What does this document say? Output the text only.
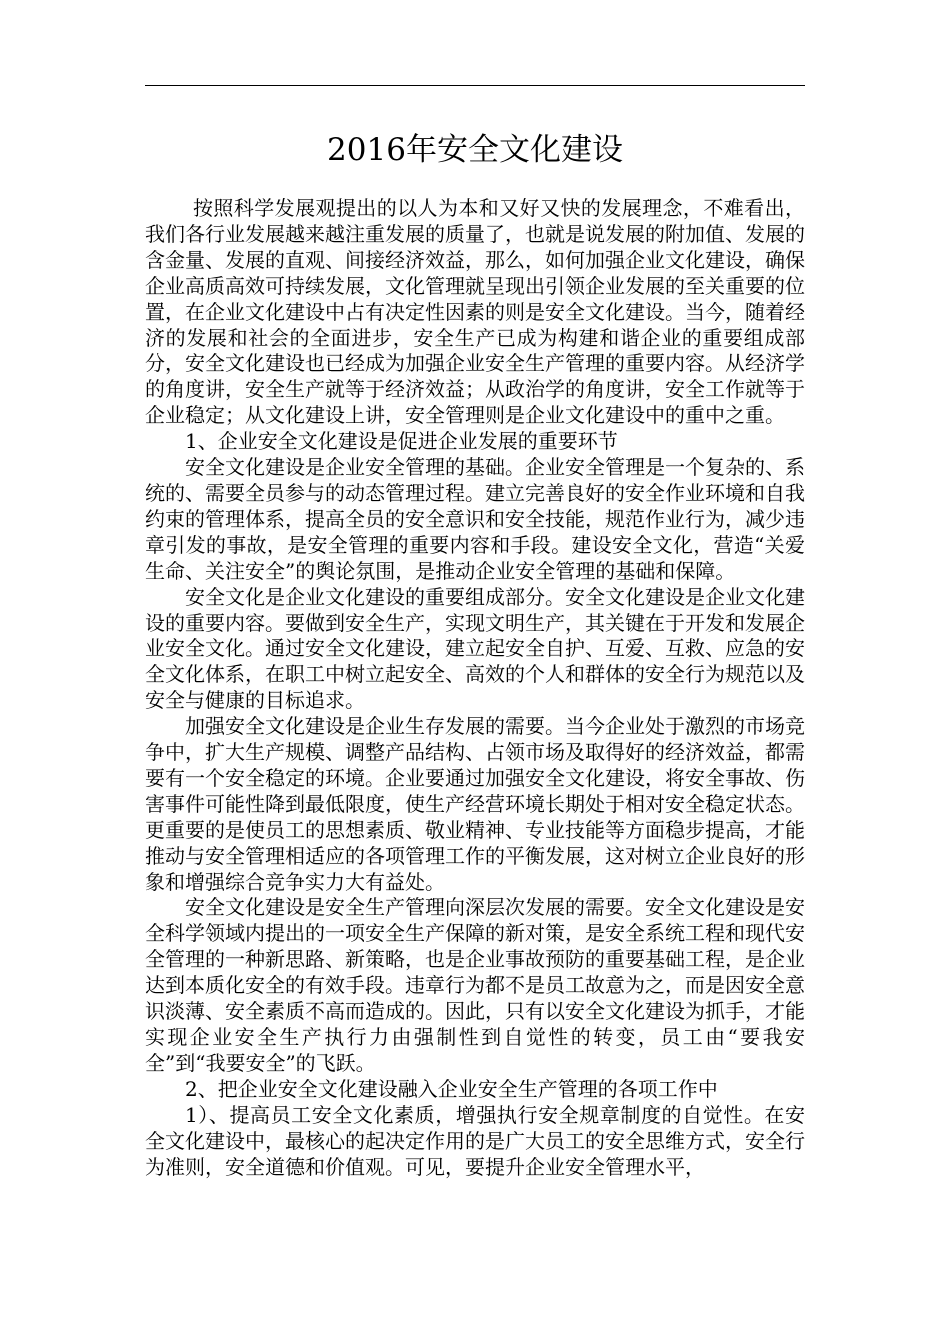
2016年安全文化建设

按照科学发展观提出的以人为本和又好又快的发展理念，不难看出，我们各行业发展越来越注重发展的质量了，也就是说发展的附加值、发展的含金量、发展的直观、间接经济效益，那么，如何加强企业文化建设，确保企业高质高效可持续发展，文化管理就呈现出引领企业发展的至关重要的位置，在企业文化建设中占有决定性因素的则是安全文化建设。当今，随着经济的发展和社会的全面进步，安全生产已成为构建和谐企业的重要组成部分，安全文化建设也已经成为加强企业安全生产管理的重要内容。从经济学的角度讲，安全生产就等于经济效益；从政治学的角度讲，安全工作就等于企业稳定；从文化建设上讲，安全管理则是企业文化建设中的重中之重。

1、企业安全文化建设是促进企业发展的重要环节

安全文化建设是企业安全管理的基础。企业安全管理是一个复杂的、系统的、需要全员参与的动态管理过程。建立完善良好的安全作业环境和自我约束的管理体系，提高全员的安全意识和安全技能，规范作业行为，减少违章引发的事故，是安全管理的重要内容和手段。建设安全文化，营造“关爱生命、关注安全”的舆论氛围，是推动企业安全管理的基础和保障。

安全文化是企业文化建设的重要组成部分。安全文化建设是企业文化建设的重要内容。要做到安全生产，实现文明生产，其关键在于开发和发展企业安全文化。通过安全文化建设，建立起安全自护、互爱、互救、应急的安全文化体系，在职工中树立起安全、高效的个人和群体的安全行为规范以及安全与健康的目标追求。

加强安全文化建设是企业生存发展的需要。当今企业处于激烈的市场竞争中，扩大生产规模、调整产品结构、占领市场及取得好的经济效益，都需要有一个安全稳定的环境。企业要通过加强安全文化建设，将安全事故、伤害事件可能性降到最低限度，使生产经营环境长期处于相对安全稳定状态。更重要的是使员工的思想素质、敬业精神、专业技能等方面稳步提高，才能推动与安全管理相适应的各项管理工作的平衡发展，这对树立企业良好的形象和增强综合竞争实力大有益处。

安全文化建设是安全生产管理向深层次发展的需要。安全文化建设是安全科学领域内提出的一项安全生产保障的新对策，是安全系统工程和现代安全管理的一种新思路、新策略，也是企业事故预防的重要基础工程，是企业达到本质化安全的有效手段。违章行为都不是员工故意为之，而是因安全意识淡薄、安全素质不高而造成的。因此，只有以安全文化建设为抓手，才能实现企业安全生产执行力由强制性到自觉性的转变，员工由“要我安全”到“我要安全”的飞跃。

2、把企业安全文化建设融入企业安全生产管理的各项工作中

1）、提高员工安全文化素质，增强执行安全规章制度的自觉性。在安全文化建设中，最核心的起决定作用的是广大员工的安全思维方式，安全行为准则，安全道德和价值观。可见，要提升企业安全管理水平，
